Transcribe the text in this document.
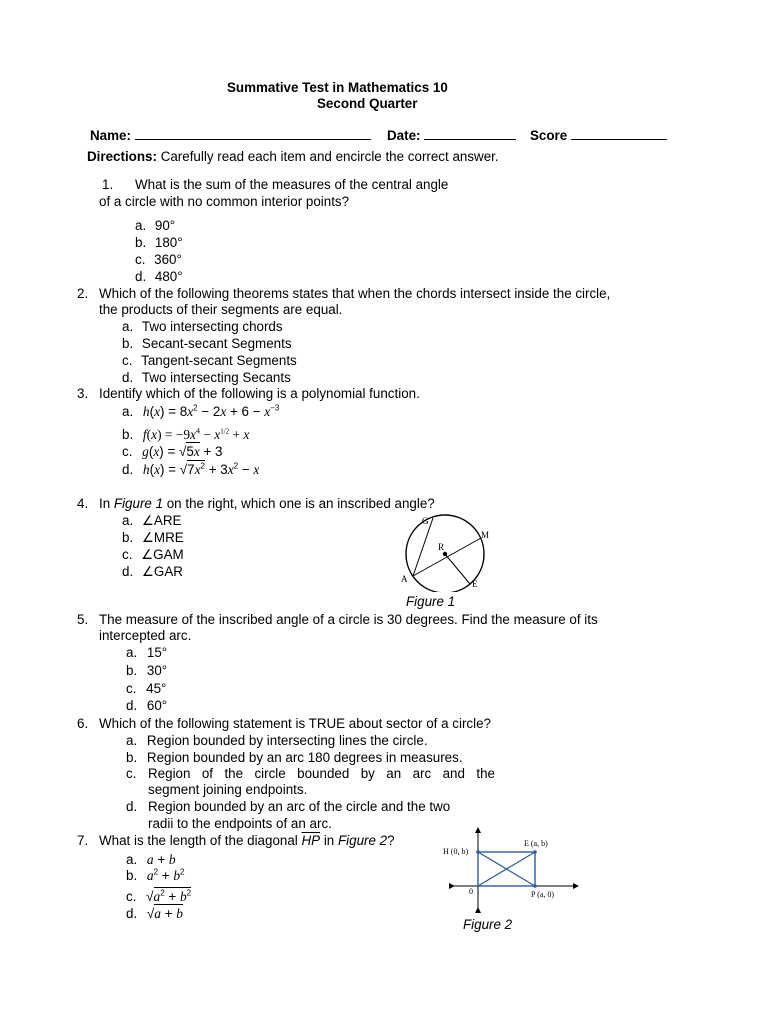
Summative Test in Mathematics 10
Second Quarter
Name:	Date:	Score
Directions: Carefully read each item and encircle the correct answer.
1. What is the sum of the measures of the central angle
of a circle with no common interior points?
a. 90°
b. 180°
c. 360°
d. 480°
2. Which of the following theorems states that when the chords intersect inside the circle,
the products of their segments are equal.
a. Two intersecting chords
b. Secant-secant Segments
c. Tangent-secant Segments
d. Two intersecting Secants
3. Identify which of the following is a polynomial function.
a. $h(x) = 8x^2 - 2x + 6 - x^{-3}$
b. $f(x) = -9x^4 - x^{1/2} + x$
c. g(x) = √5x + 3
d. $h(x) = √7x^2 + 3x^2 - x$
4. In Figure 1 on the right, which one is an inscribed angle?
a. ∠ARE
b. ∠MRE
c. ∠GAM
d. ∠GAR
G
M
R
A	E
Figure 1
5. The measure of the inscribed angle of a circle is 30 degrees. Find the measure of its
intercepted arc.
a. 15°
b. 30°
c. 45°
d. 60°
6. Which of the following statement is TRUE about sector of a circle?
a. Region bounded by intersecting lines the circle.
b. Region bounded by an arc 180 degrees in measures.
c. Region of the circle bounded by an arc and the
segment joining endpoints.
d. Region bounded by an arc of the circle and the two
radii to the endpoints of an arc.
7. What is the length of the diagonal $\overline{HP}$ in Figure 2?
a. a + b
b. $a^2 + b^2$
c. $√a^2 + b^2$
d. √a + b
H (0, b)
E (a, b)
0	P (a, 0)
Figure 2
